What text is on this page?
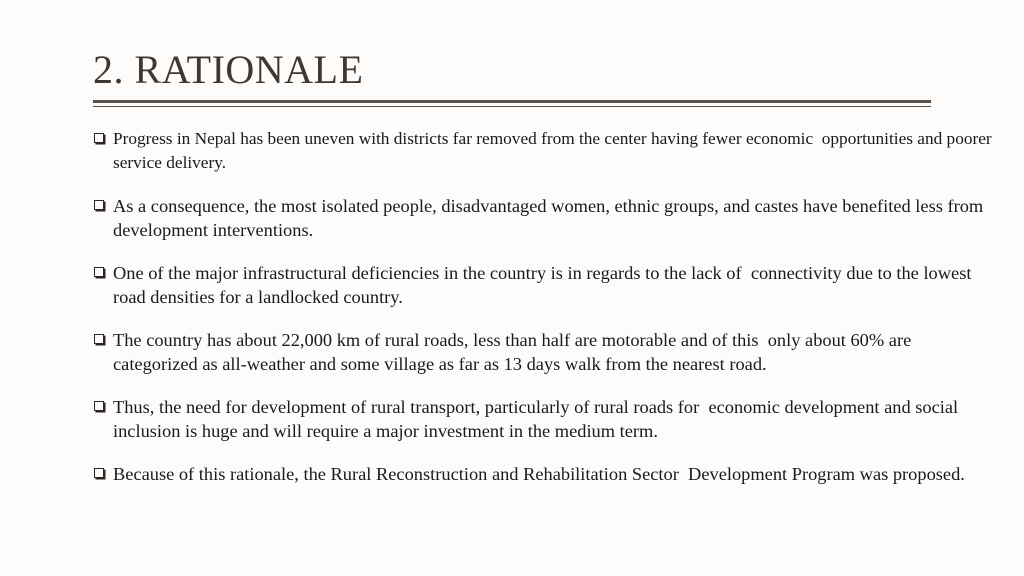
2. RATIONALE
Progress in Nepal has been uneven with districts far removed from the center having fewer economic  opportunities and poorer service delivery.
As a consequence, the most isolated people, disadvantaged women, ethnic groups, and castes have benefited less from development interventions.
One of the major infrastructural deficiencies in the country is in regards to the lack of  connectivity due to the lowest road densities for a landlocked country.
The country has about 22,000 km of rural roads, less than half are motorable and of this  only about 60% are categorized as all-weather and some village as far as 13 days walk from the nearest road.
Thus, the need for development of rural transport, particularly of rural roads for  economic development and social inclusion is huge and will require a major investment in the medium term.
Because of this rationale, the Rural Reconstruction and Rehabilitation Sector  Development Program was proposed.
